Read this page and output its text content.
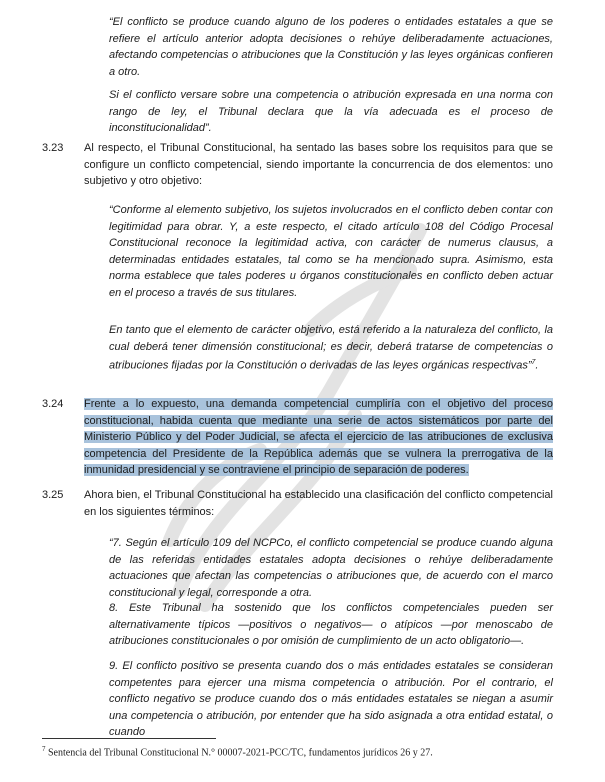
“El conflicto se produce cuando alguno de los poderes o entidades estatales a que se refiere el artículo anterior adopta decisiones o rehúye deliberadamente actuaciones, afectando competencias o atribuciones que la Constitución y las leyes orgánicas confieren a otro.

Si el conflicto versare sobre una competencia o atribución expresada en una norma con rango de ley, el Tribunal declara que la vía adecuada es el proceso de inconstitucionalidad”.

3.23 Al respecto, el Tribunal Constitucional, ha sentado las bases sobre los requisitos para que se configure un conflicto competencial, siendo importante la concurrencia de dos elementos: uno subjetivo y otro objetivo:

“Conforme al elemento subjetivo, los sujetos involucrados en el conflicto deben contar con legitimidad para obrar. Y, a este respecto, el citado artículo 108 del Código Procesal Constitucional reconoce la legitimidad activa, con carácter de numerus clausus, a determinadas entidades estatales, tal como se ha mencionado supra. Asimismo, esta norma establece que tales poderes u órganos constitucionales en conflicto deben actuar en el proceso a través de sus titulares.

En tanto que el elemento de carácter objetivo, está referido a la naturaleza del conflicto, la cual deberá tener dimensión constitucional; es decir, deberá tratarse de competencias o atribuciones fijadas por la Constitución o derivadas de las leyes orgánicas respectivas”$^7$.

3.24 Frente a lo expuesto, una demanda competencial cumpliría con el objetivo del proceso constitucional, habida cuenta que mediante una serie de actos sistemáticos por parte del Ministerio Público y del Poder Judicial, se afecta el ejercicio de las atribuciones de exclusiva competencia del Presidente de la República además que se vulnera la prerrogativa de la inmunidad presidencial y se contraviene el principio de separación de poderes.

3.25 Ahora bien, el Tribunal Constitucional ha establecido una clasificación del conflicto competencial en los siguientes términos:

“7. Según el artículo 109 del NCPCo, el conflicto competencial se produce cuando alguna de las referidas entidades estatales adopta decisiones o rehúye deliberadamente actuaciones que afectan las competencias o atribuciones que, de acuerdo con el marco constitucional y legal, corresponde a otra.

8. Este Tribunal ha sostenido que los conflictos competenciales pueden ser alternativamente típicos —positivos o negativos— o atípicos —por menoscabo de atribuciones constitucionales o por omisión de cumplimiento de un acto obligatorio—.

9. El conflicto positivo se presenta cuando dos o más entidades estatales se consideran competentes para ejercer una misma competencia o atribución. Por el contrario, el conflicto negativo se produce cuando dos o más entidades estatales se niegan a asumir una competencia o atribución, por entender que ha sido asignada a otra entidad estatal, o cuando

$^7$ Sentencia del Tribunal Constitucional N.° 00007-2021-PCC/TC, fundamentos jurídicos 26 y 27.
